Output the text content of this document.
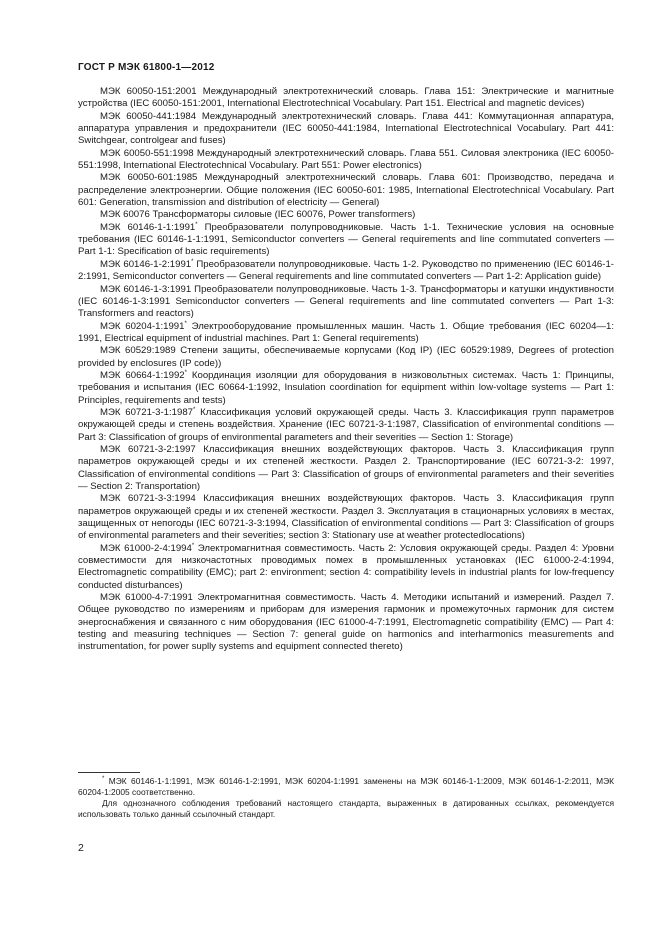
ГОСТ Р МЭК 61800-1—2012

МЭК 60050-151:2001 Международный электротехнический словарь. Глава 151: Электрические и магнитные устройства (IEC 60050-151:2001, International Electrotechnical Vocabulary. Part 151. Electrical and magnetic devices)

МЭК 60050-441:1984 Международный электротехнический словарь. Глава 441: Коммутационная аппаратура, аппаратура управления и предохранители (IEC 60050-441:1984, International Electrotechnical Vocabulary. Part 441: Switchgear, controlgear and fuses)

МЭК 60050-551:1998 Международный электротехнический словарь. Глава 551. Силовая электроника (IEC 60050-551:1998, International Electrotechnical Vocabulary. Part 551: Power electronics)

МЭК 60050-601:1985 Международный электротехнический словарь. Глава 601: Производство, передача и распределение электроэнергии. Общие положения (IEC 60050-601: 1985, International Electrotechnical Vocabulary. Part 601: Generation, transmission and distribution of electricity — General)

МЭК 60076 Трансформаторы силовые (IEC 60076, Power transformers)

МЭК 60146-1-1:1991* Преобразователи полупроводниковые. Часть 1-1. Технические условия на основные требования (IEC 60146-1-1:1991, Semiconductor converters — General requirements and line commutated converters — Part 1-1: Specification of basic requirements)

МЭК 60146-1-2:1991* Преобразователи полупроводниковые. Часть 1-2. Руководство по применению (IEC 60146-1-2:1991, Semiconductor converters — General requirements and line commutated converters — Part 1-2: Application guide)

МЭК 60146-1-3:1991 Преобразователи полупроводниковые. Часть 1-3. Трансформаторы и катушки индуктивности (IEC 60146-1-3:1991 Semiconductor converters — General requirements and line commutated converters — Part 1-3: Transformers and reactors)

МЭК 60204-1:1991* Электрооборудование промышленных машин. Часть 1. Общие требования (IEC 60204—1: 1991, Electrical equipment of industrial machines. Part 1: General requirements)

МЭК 60529:1989 Степени защиты, обеспечиваемые корпусами (Код IP) (IEC 60529:1989, Degrees of protection provided by enclosures (IP code))

МЭК 60664-1:1992* Координация изоляции для оборудования в низковольтных системах. Часть 1: Принципы, требования и испытания (IEC 60664-1:1992, Insulation coordination for equipment within low-voltage systems — Part 1: Principles, requirements and tests)

МЭК 60721-3-1:1987* Классификация условий окружающей среды. Часть 3. Классификация групп параметров окружающей среды и степень воздействия. Хранение (IEC 60721-3-1:1987, Classification of environmental conditions — Part 3: Classification of groups of environmental parameters and their severities — Section 1: Storage)

МЭК 60721-3-2:1997 Классификация внешних воздействующих факторов. Часть 3. Классификация групп параметров окружающей среды и их степеней жесткости. Раздел 2. Транспортирование (IEC 60721-3-2: 1997, Classification of environmental conditions — Part 3: Classification of groups of environmental parameters and their severities — Section 2: Transportation)

МЭК 60721-3-3:1994 Классификация внешних воздействующих факторов. Часть 3. Классификация групп параметров окружающей среды и их степеней жесткости. Раздел 3. Эксплуатация в стационарных условиях в местах, защищенных от непогоды (IEC 60721-3-3:1994, Classification of environmental conditions — Part 3: Classification of groups of environmental parameters and their severities; section 3: Stationary use at weather protectedlocations)

МЭК 61000-2-4:1994* Электромагнитная совместимость. Часть 2: Условия окружающей среды. Раздел 4: Уровни совместимости для низкочастотных проводимых помех в промышленных установках (IEC 61000-2-4:1994, Electromagnetic compatibility (EMC); part 2: environment; section 4: compatibility levels in industrial plants for low-frequency conducted disturbances)

МЭК 61000-4-7:1991 Электромагнитная совместимость. Часть 4. Методики испытаний и измерений. Раздел 7. Общее руководство по измерениям и приборам для измерения гармоник и промежуточных гармоник для систем энергоснабжения и связанного с ним оборудования (IEC 61000-4-7:1991, Electromagnetic compatibility (EMC) — Part 4: testing and measuring techniques — Section 7: general guide on harmonics and interharmonics measurements and instrumentation, for power suplly systems and equipment connected thereto)

* МЭК 60146-1-1:1991, МЭК 60146-1-2:1991, МЭК 60204-1:1991 заменены на МЭК 60146-1-1:2009, МЭК 60146-1-2:2011, МЭК 60204-1:2005 соответственно.

Для однозначного соблюдения требований настоящего стандарта, выраженных в датированных ссылках, рекомендуется использовать только данный ссылочный стандарт.

2
